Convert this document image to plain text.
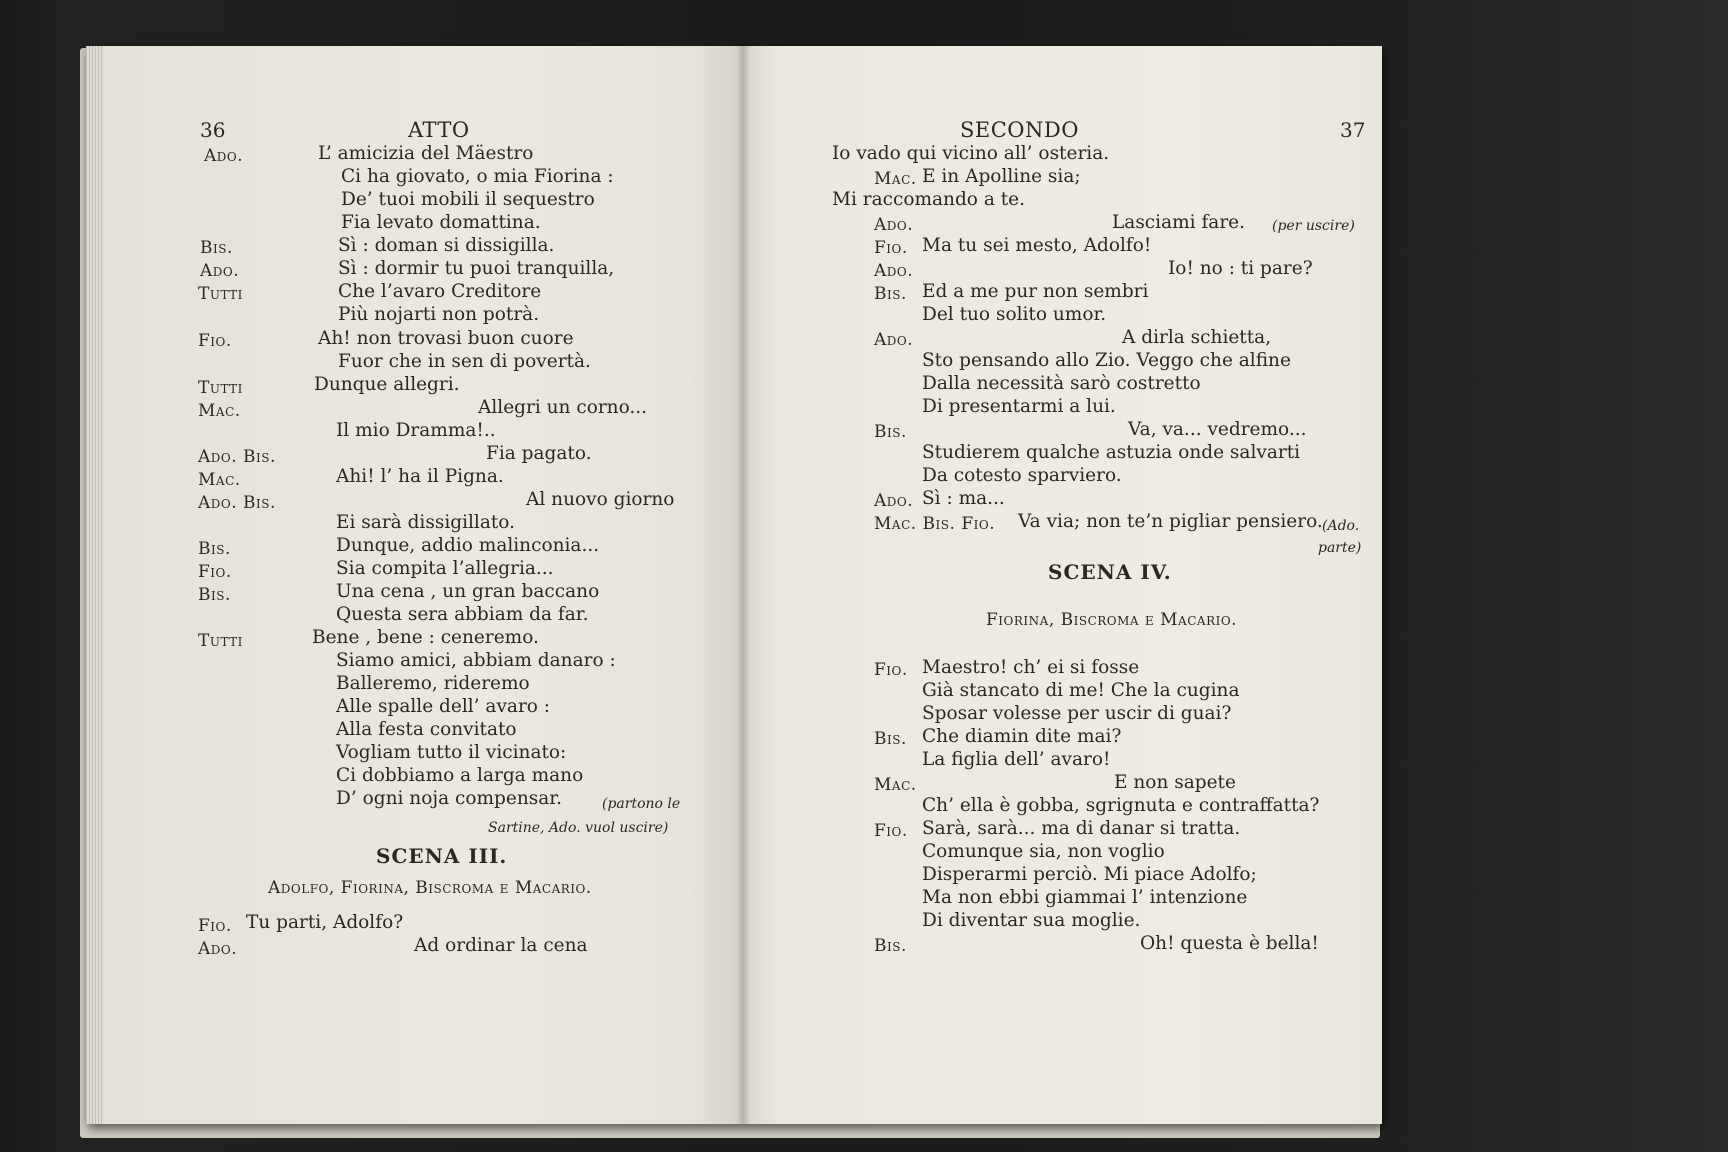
36	ATTO
Ado.	L’ amicizia del Mäestro
Ci ha giovato, o mia Fiorina :
De’ tuoi mobili il sequestro
Fia levato domattina.
Bis.	Sì : doman si dissigilla.
Ado.	Sì : dormir tu puoi tranquilla,
Tutti	Che l’avaro Creditore
Più nojarti non potrà.
Fio.	Ah! non trovasi buon cuore
Fuor che in sen di povertà.
Tutti	Dunque allegri.
Mac.	Allegri un corno...
Il mio Dramma!..
Ado. Bis.	Fia pagato.
Mac.	Ahi! l’ ha il Pigna.
Ado. Bis.	Al nuovo giorno
Ei sarà dissigillato.
Bis.	Dunque, addio malinconia...
Fio.	Sia compita l’allegria...
Bis.	Una cena , un gran baccano
Questa sera abbiam da far.
Tutti	Bene , bene : ceneremo.
Siamo amici, abbiam danaro :
Balleremo, rideremo
Alle spalle dell’ avaro :
Alla festa convitato
Vogliam tutto il vicinato:
Ci dobbiamo a larga mano
D’ ogni noja compensar.	(partono le
Sartine, Ado. vuol uscire)
SCENA III.
Adolfo, Fiorina, Biscroma e Macario.
Fio. Tu parti, Adolfo?
Ado.	Ad ordinar la cena
SECONDO	37
Io vado qui vicino all’ osteria.
Mac. E in Apolline sia;
Mi raccomando a te.
Ado.	Lasciami fare. (per uscire)
Fio. Ma tu sei mesto, Adolfo!
Ado.	Io! no : ti pare?
Bis. Ed a me pur non sembri
Del tuo solito umor.
Ado.	A dirla schietta,
Sto pensando allo Zio. Veggo che alfine
Dalla necessità sarò costretto
Di presentarmi a lui.
Bis.	Va, va... vedremo...
Studierem qualche astuzia onde salvarti
Da cotesto sparviero.
Ado. Sì : ma...
Mac. Bis. Fio. Va via; non te’n pigliar pensiero. (Ado.
parte)
SCENA IV.
Fiorina, Biscroma e Macario.
Fio. Maestro! ch’ ei si fosse
Già stancato di me! Che la cugina
Sposar volesse per uscir di guai?
Bis. Che diamin dite mai?
La figlia dell’ avaro!
Mac.	E non sapete
Ch’ ella è gobba, sgrignuta e contraffatta?
Fio. Sarà, sarà... ma di danar si tratta.
Comunque sia, non voglio
Disperarmi perciò. Mi piace Adolfo;
Ma non ebbi giammai l’ intenzione
Di diventar sua moglie.
Bis.	Oh! questa è bella!
